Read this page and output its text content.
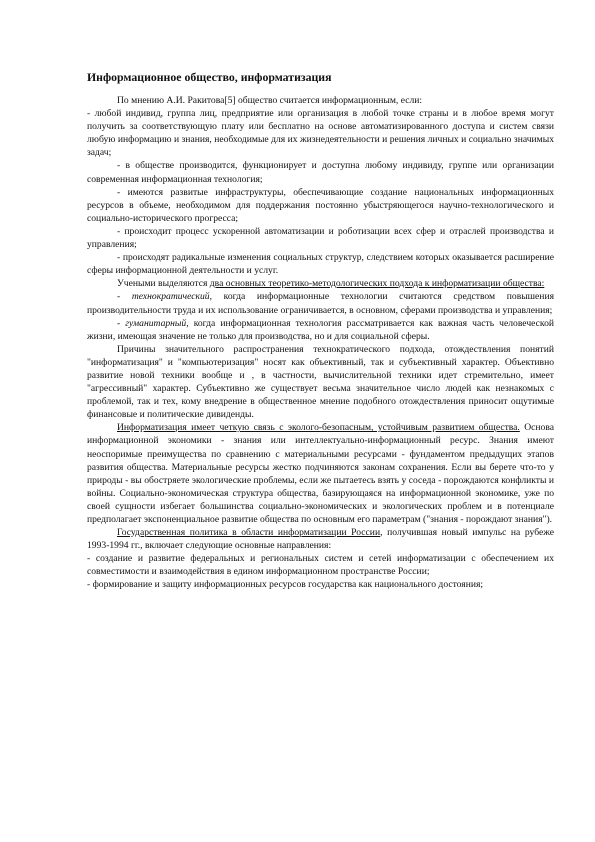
Информационное общество, информатизация

По мнению А.И. Ракитова[5] общество считается информационным, если:

- любой индивид, группа лиц, предприятие или организация в любой точке страны и в любое время могут получить за соответствующую плату или бесплатно на основе автоматизированного доступа и систем связи любую информацию и знания, необходимые для их жизнедеятельности и решения личных и социально значимых задач;

- в обществе производится, функционирует и доступна любому индивиду, группе или организации современная информационная технология;

- имеются развитые инфраструктуры, обеспечивающие создание национальных информационных ресурсов в объеме, необходимом для поддержания постоянно убыстряющегося научно-технологического и социально-исторического прогресса;

- происходит процесс ускоренной автоматизации и роботизации всех сфер и отраслей производства и управления;

- происходят радикальные изменения социальных структур, следствием которых оказывается расширение сферы информационной деятельности и услуг.

Учеными выделяются два основных теоретико-методологических подхода к информатизации общества:

- технократический, когда информационные технологии считаются средством повышения производительности труда и их использование ограничивается, в основном, сферами производства и управления;

- гуманитарный, когда информационная технология рассматривается как важная часть человеческой жизни, имеющая значение не только для производства, но и для социальной сферы.

Причины значительного распространения технократического подхода, отождествления понятий "информатизация" и "компьютеризация" носят как объективный, так и субъективный характер. Объективно развитие новой техники вообще и , в частности, вычислительной техники идет стремительно, имеет "агрессивный" характер. Субъективно же существует весьма значительное число людей как незнакомых с проблемой, так и тех, кому внедрение в общественное мнение подобного отождествления приносит ощутимые финансовые и политические дивиденды.

Информатизация имеет четкую связь с эколого-безопасным, устойчивым развитием общества. Основа информационной экономики - знания или интеллектуально-информационный ресурс. Знания имеют неоспоримые преимущества по сравнению с материальными ресурсами - фундаментом предыдущих этапов развития общества. Материальные ресурсы жестко подчиняются законам сохранения. Если вы берете что-то у природы - вы обостряете экологические проблемы, если же пытаетесь взять у соседа - порождаются конфликты и войны. Социально-экономическая структура общества, базирующаяся на информационной экономике, уже по своей сущности избегает большинства социально-экономических и экологических проблем и в потенциале предполагает экспоненциальное развитие общества по основным его параметрам ("знания - порождают знания").

Государственная политика в области информатизации России, получившая новый импульс на рубеже 1993-1994 гг., включает следующие основные направления:

- создание и развитие федеральных и региональных систем и сетей информатизации с обеспечением их совместимости и взаимодействия в едином информационном пространстве России;

- формирование и защиту информационных ресурсов государства как национального достояния;
